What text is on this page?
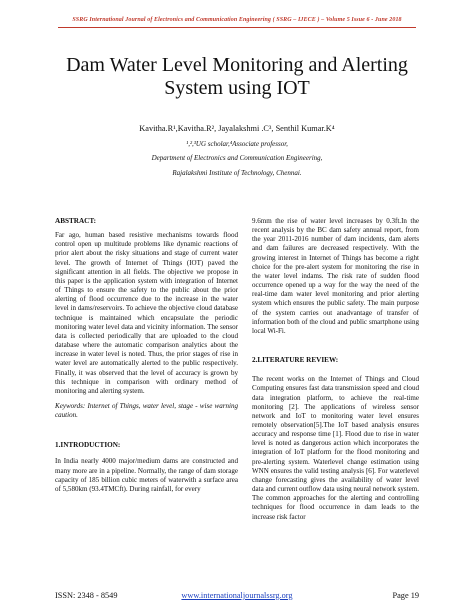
SSRG International Journal of Electronics and Communication Engineering ( SSRG – IJECE ) – Volume 5 Issue 6 - June 2018
Dam Water Level Monitoring and Alerting
System using IOT
Kavitha.R¹,Kavitha.R², Jayalakshmi .C³, Senthil Kumar.K⁴
¹,²,³UG scholar,⁴Associate professor,
Department of Electronics and Communication Engineering,
Rajalakshmi Institute of Technology, Chennai.

ABSTRACT:

Far ago, human based resistive mechanisms towards flood control open up multitude problems like dynamic reactions of prior alert about the risky situations and stage of current water level. The growth of Internet of Things (IOT) paved the significant attention in all fields. The objective we propose in this paper is the application system with integration of Internet of Things to ensure the safety to the public about the prior alerting of flood occurrence due to the increase in the water level in dams/reservoirs. To achieve the objective cloud database technique is maintained which encapsulate the periodic monitoring water level data and vicinity information. The sensor data is collected periodically that are uploaded to the cloud database where the automatic comparison analytics about the increase in water level is noted. Thus, the prior stages of rise in water level are automatically alerted to the public respectively. Finally, it was observed that the level of accuracy is grown by this technique in comparison with ordinary method of monitoring and alerting system.

Keywords: Internet of Things, water level, stage - wise warning caution.

1.INTRODUCTION:

In India nearly 4000 major/medium dams are constructed and many more are in a pipeline. Normally, the range of dam storage capacity of 185 billion cubic meters of waterwith a surface area of 5,580km (93.4TMCft). During rainfall, for every

9.6mm the rise of water level increases by 0.3ft.In the recent analysis by the BC dam safety annual report, from the year 2011-2016 number of dam incidents, dam alerts and dam failures are decreased respectively. With the growing interest in Internet of Things has become a right choice for the pre-alert system for monitoring the rise in the water level indams. The risk rate of sudden flood occurrence opened up a way for the way the need of the real-time dam water level monitoring and prior alerting system which ensures the public safety. The main purpose of the system carries out anadvantage of transfer of information both of the cloud and public smartphone using local Wi-Fi.

2.LITERATURE REVIEW:

The recent works on the Internet of Things and Cloud Computing ensures fast data transmission speed and cloud data integration platform, to achieve the real-time monitoring [2]. The applications of wireless sensor network and IoT to monitoring water level ensures remotely observation[5].The IoT based analysis ensures accuracy and response time [1]. Flood due to rise in water level is noted as dangerous action which incorporates the integration of IoT platform for the flood monitoring and pre-alerting system. Waterlevel change estimation using WNN ensures the valid testing analysis [6]. For waterlevel change forecasting gives the availability of water level data and current outflow data using neural network system. The common approaches for the alerting and controlling techniques for flood occurrence in dam leads to the increase risk factor

ISSN: 2348 - 8549	www.internationaljournalssrg.org	Page 19
